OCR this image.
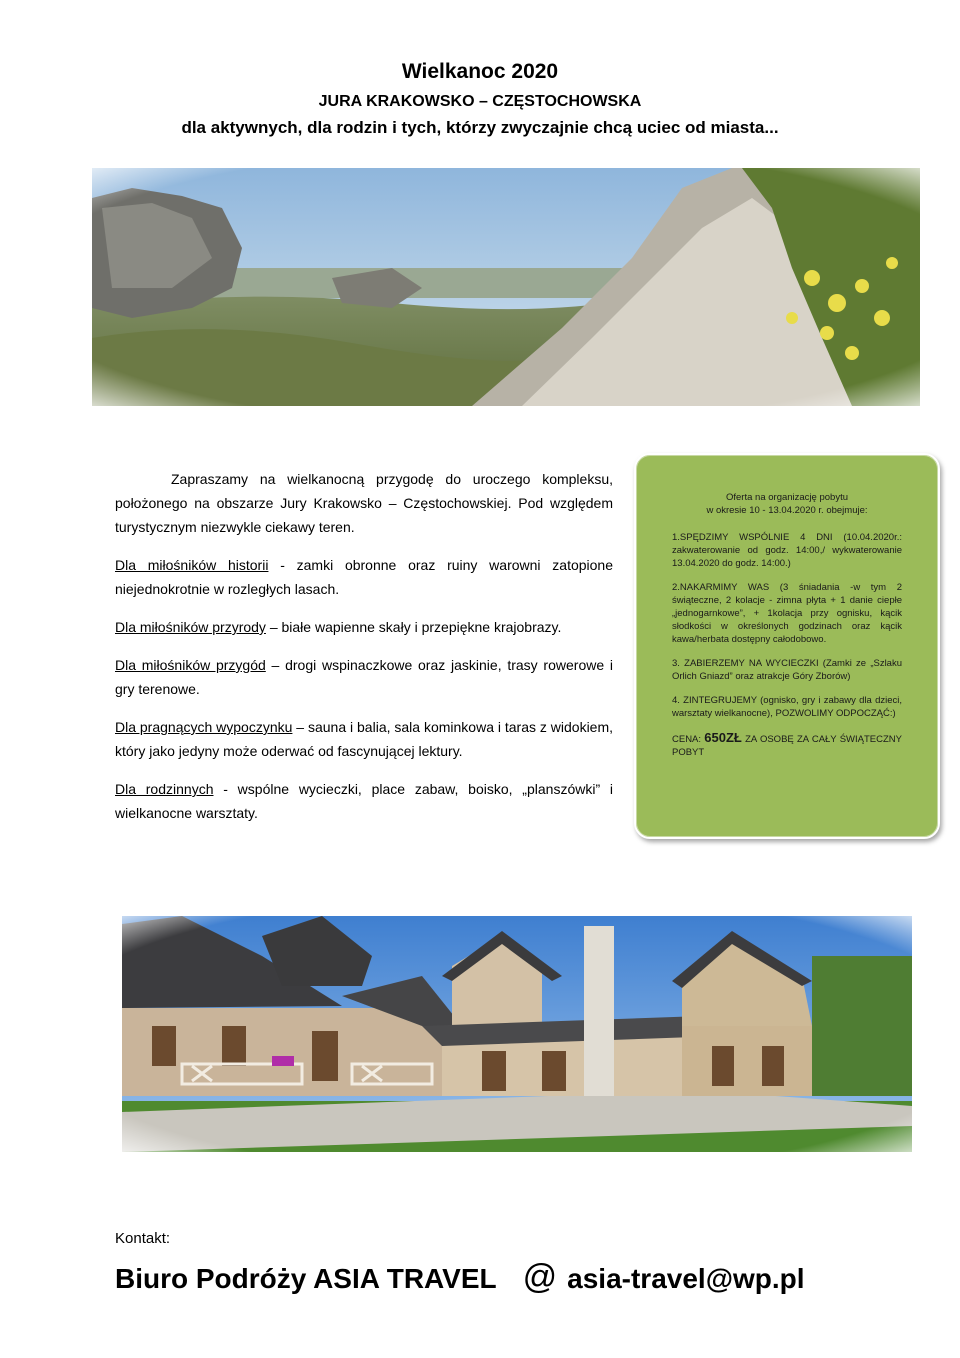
Wielkanoc 2020
JURA KRAKOWSKO – CZĘSTOCHOWSKA
dla aktywnych, dla rodzin i tych, którzy zwyczajnie chcą uciec od miasta...

Zapraszamy na wielkanocną przygodę do uroczego kompleksu, położonego na obszarze Jury Krakowsko – Częstochowskiej. Pod względem turystycznym niezwykle ciekawy teren.

Dla miłośników historii - zamki obronne oraz ruiny warowni zatopione niejednokrotnie w rozległych lasach.

Dla miłośników przyrody – białe wapienne skały i przepiękne krajobrazy.

Dla miłośników przygód – drogi wspinaczkowe oraz jaskinie, trasy rowerowe i gry terenowe.

Dla pragnących wypoczynku – sauna i balia, sala kominkowa i taras z widokiem, który jako jedyny może oderwać od fascynującej lektury.

Dla rodzinnych - wspólne wycieczki, place zabaw, boisko, „planszówki” i wielkanocne warsztaty.

Oferta na organizację pobytu
w okresie 10 - 13.04.2020 r. obejmuje:

1.SPĘDZIMY WSPÓLNIE 4 DNI (10.04.2020r.: zakwaterowanie od godz. 14:00,/ wykwaterowanie 13.04.2020 do godz. 14:00.)

2.NAKARMIMY WAS (3 śniadania -w tym 2 świąteczne, 2 kolacje - zimna płyta + 1 danie ciepłe „jednogarnkowe”, + 1kolacja przy ognisku, kącik słodkości w określonych godzinach oraz kącik kawa/herbata dostępny całodobowo.

3. ZABIERZEMY NA WYCIECZKI (Zamki ze „Szlaku Orlich Gniazd” oraz atrakcje Góry Zborów)

4. ZINTEGRUJEMY (ognisko, gry i zabawy dla dzieci, warsztaty wielkanocne), POZWOLIMY ODPOCZĄĆ:)

CENA: 650ZŁ ZA OSOBĘ ZA CAŁY ŚWIĄTECZNY POBYT

Kontakt:
Biuro Podróży ASIA TRAVEL @ asia-travel@wp.pl
